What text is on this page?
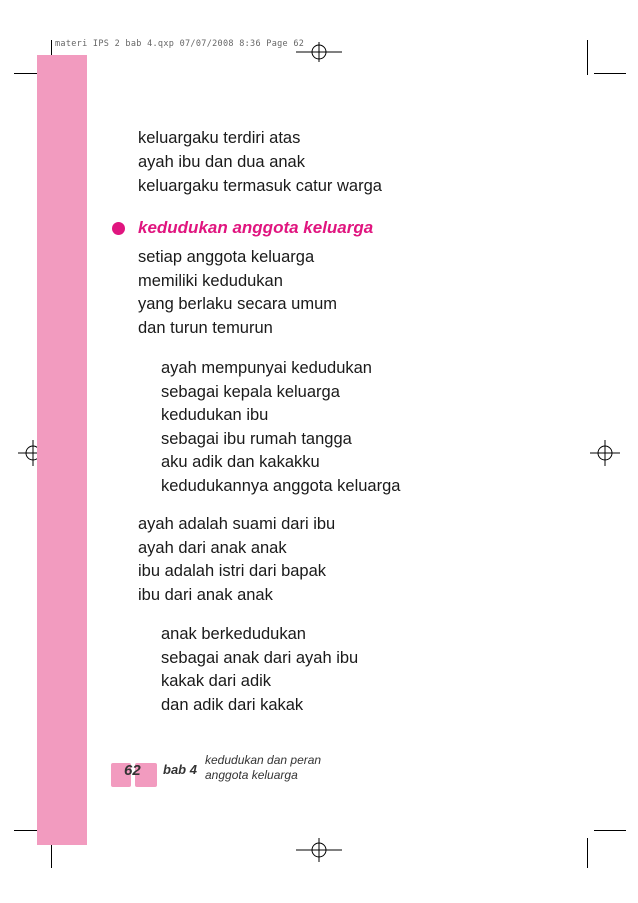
materi IPS 2 bab 4.qxp 07/07/2008 8:36 Page 62
keluargaku terdiri atas
ayah ibu dan dua anak
keluargaku termasuk catur warga
kedudukan anggota keluarga
setiap anggota keluarga
memiliki kedudukan
yang berlaku secara umum
dan turun temurun
ayah mempunyai kedudukan
sebagai kepala keluarga
kedudukan ibu
sebagai ibu rumah tangga
aku adik dan kakakku
kedudukannya anggota keluarga
ayah adalah suami dari ibu
ayah dari anak anak
ibu adalah istri dari bapak
ibu dari anak anak
anak berkedudukan
sebagai anak dari ayah ibu
kakak dari adik
dan adik dari kakak
62 bab 4
kedudukan dan peran
anggota keluarga
